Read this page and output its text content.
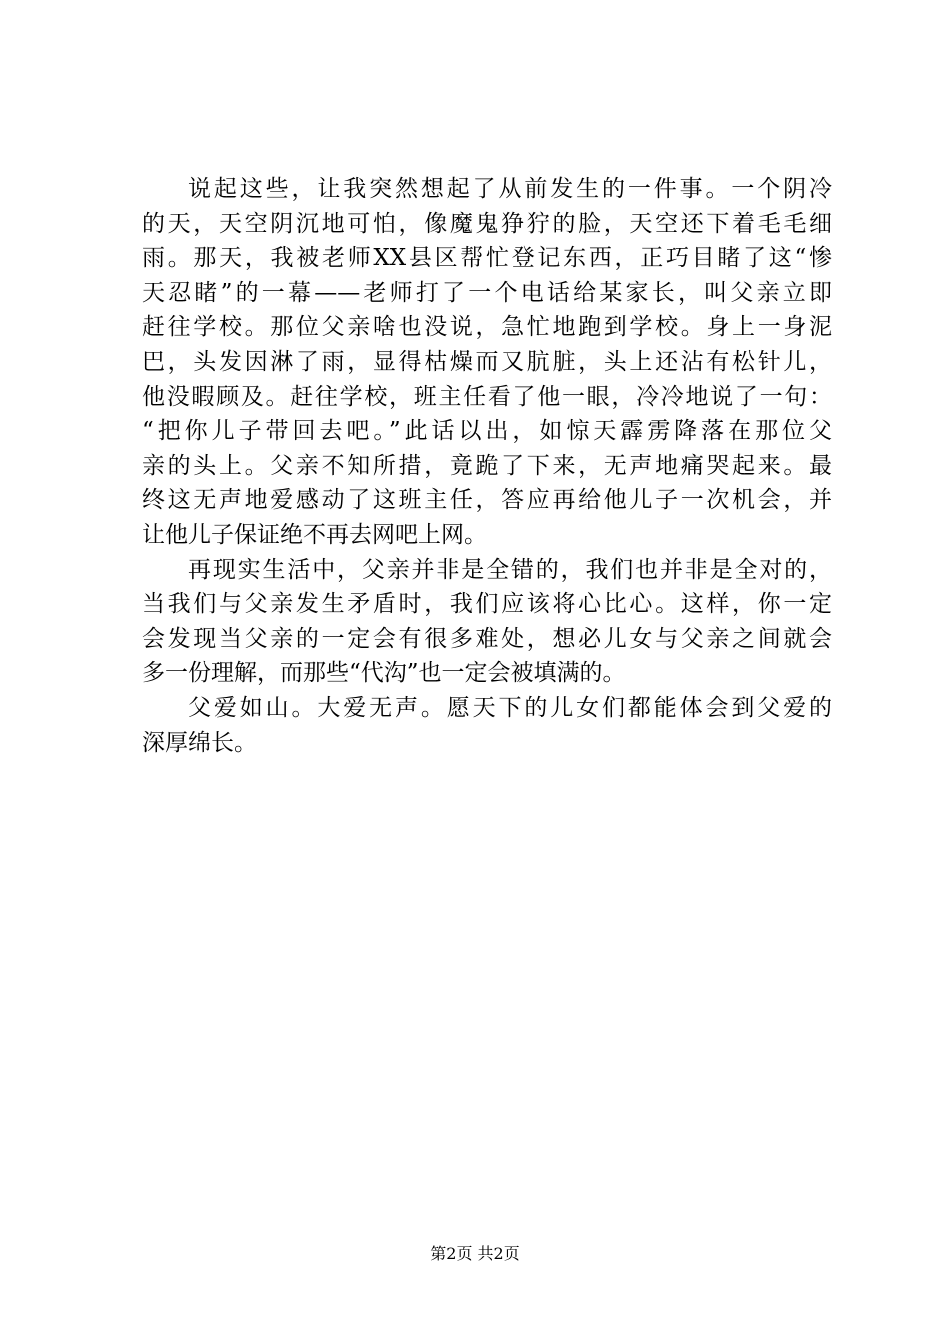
说起这些，让我突然想起了从前发生的一件事。一个阴冷
的天，天空阴沉地可怕，像魔鬼狰狞的脸，天空还下着毛毛细
雨。那天，我被老师XX县区帮忙登记东西，正巧目睹了这“惨
天忍睹”的一幕——老师打了一个电话给某家长，叫父亲立即
赶往学校。那位父亲啥也没说，急忙地跑到学校。身上一身泥
巴，头发因淋了雨，显得枯燥而又肮脏，头上还沾有松针儿，
他没暇顾及。赶往学校，班主任看了他一眼，冷冷地说了一句：
“把你儿子带回去吧。”此话以出，如惊天霹雳降落在那位父
亲的头上。父亲不知所措，竟跪了下来，无声地痛哭起来。最
终这无声地爱感动了这班主任，答应再给他儿子一次机会，并
让他儿子保证绝不再去网吧上网。
再现实生活中，父亲并非是全错的，我们也并非是全对的，
当我们与父亲发生矛盾时，我们应该将心比心。这样，你一定
会发现当父亲的一定会有很多难处，想必儿女与父亲之间就会
多一份理解，而那些“代沟”也一定会被填满的。
父爱如山。大爱无声。愿天下的儿女们都能体会到父爱的
深厚绵长。
第2页 共2页
